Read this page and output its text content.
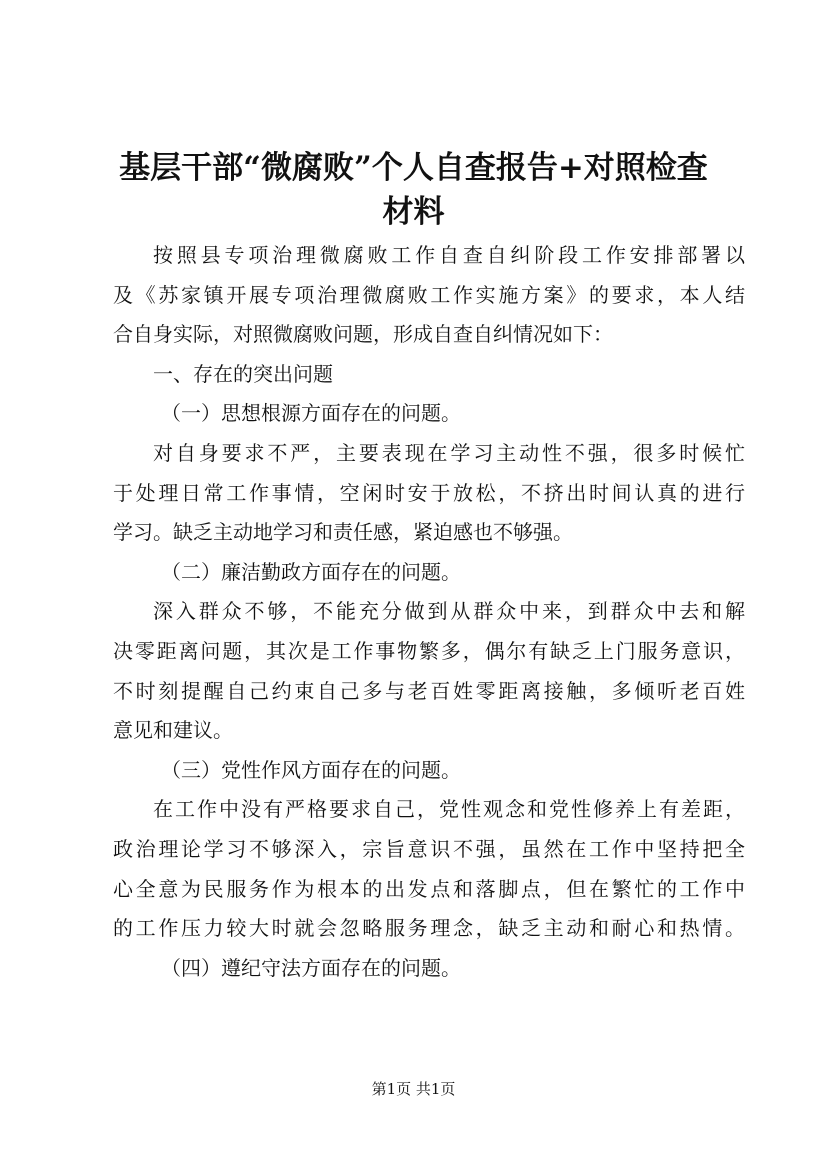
基层干部“微腐败”个人自查报告+对照检查
材料
按照县专项治理微腐败工作自查自纠阶段工作安排部署以
及《苏家镇开展专项治理微腐败工作实施方案》的要求，本人结
合自身实际，对照微腐败问题，形成自查自纠情况如下：
一、存在的突出问题
（一）思想根源方面存在的问题。
对自身要求不严，主要表现在学习主动性不强，很多时候忙
于处理日常工作事情，空闲时安于放松，不挤出时间认真的进行
学习。缺乏主动地学习和责任感，紧迫感也不够强。
（二）廉洁勤政方面存在的问题。
深入群众不够，不能充分做到从群众中来，到群众中去和解
决零距离问题，其次是工作事物繁多，偶尔有缺乏上门服务意识，
不时刻提醒自己约束自己多与老百姓零距离接触，多倾听老百姓
意见和建议。
（三）党性作风方面存在的问题。
在工作中没有严格要求自己，党性观念和党性修养上有差距，
政治理论学习不够深入，宗旨意识不强，虽然在工作中坚持把全
心全意为民服务作为根本的出发点和落脚点，但在繁忙的工作中
的工作压力较大时就会忽略服务理念，缺乏主动和耐心和热情。
（四）遵纪守法方面存在的问题。
第1页 共1页
